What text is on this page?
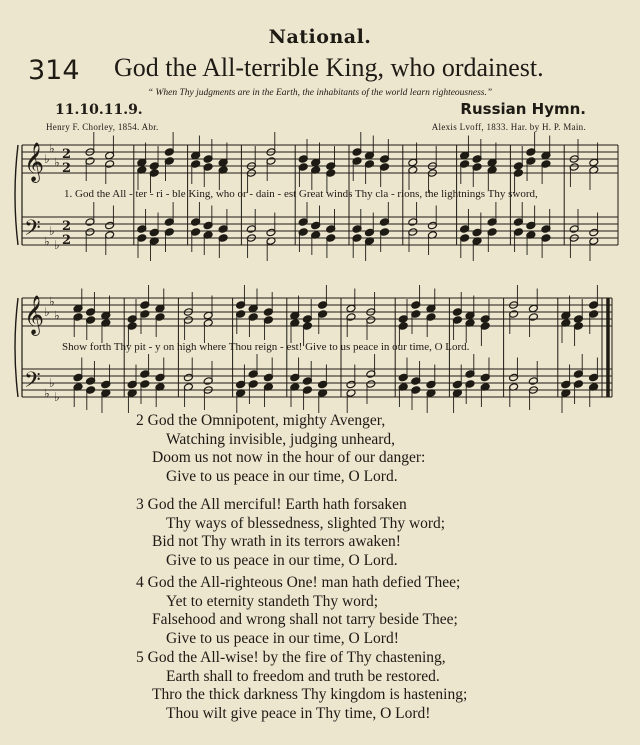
National.
314 God the All-terrible King, who ordainest.
“ When Thy judgments are in the Earth, the inhabitants of the world learn righteousness.”
11.10.11.9.	Russian Hymn.
Henry F. Chorley, 1854. Abr.	Alexis Lvoff, 1833. Har. by H. P. Main.
𝄞
𝄢
♭
♭
♭
♭
♭
♭
2
2
2
2
𝄞
𝄢
♭
♭
♭
♭
♭
♭
1. God the All - ter - ri - ble King, who or - dain - est Great winds Thy cla - rions, the lightnings Thy sword,
Show forth Thy pit - y on high where Thou reign - est! Give to us peace in our time, O Lord.
2 God the Omnipotent, mighty Avenger,
Watching invisible, judging unheard,
Doom us not now in the hour of our danger:
Give to us peace in our time, O Lord.
3 God the All merciful! Earth hath forsaken
Thy ways of blessedness, slighted Thy word;
Bid not Thy wrath in its terrors awaken!
Give to us peace in our time, O Lord.
4 God the All-righteous One! man hath defied Thee;
Yet to eternity standeth Thy word;
Falsehood and wrong shall not tarry beside Thee;
Give to us peace in our time, O Lord!
5 God the All-wise! by the fire of Thy chastening,
Earth shall to freedom and truth be restored.
Thro the thick darkness Thy kingdom is hastening;
Thou wilt give peace in Thy time, O Lord!
